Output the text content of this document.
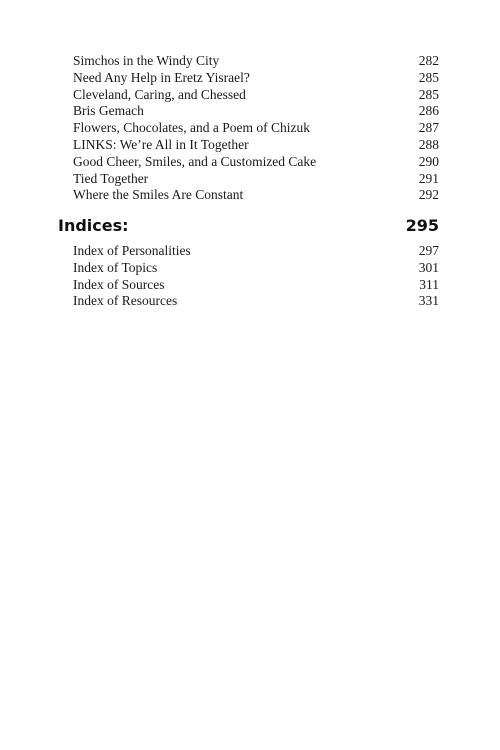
Simchos in the Windy City	282
Need Any Help in Eretz Yisrael?	285
Cleveland, Caring, and Chessed	285
Bris Gemach	286
Flowers, Chocolates, and a Poem of Chizuk	287
LINKS: We’re All in It Together	288
Good Cheer, Smiles, and a Customized Cake	290
Tied Together	291
Where the Smiles Are Constant	292
Indices:	295
Index of Personalities	297
Index of Topics	301
Index of Sources	311
Index of Resources	331
